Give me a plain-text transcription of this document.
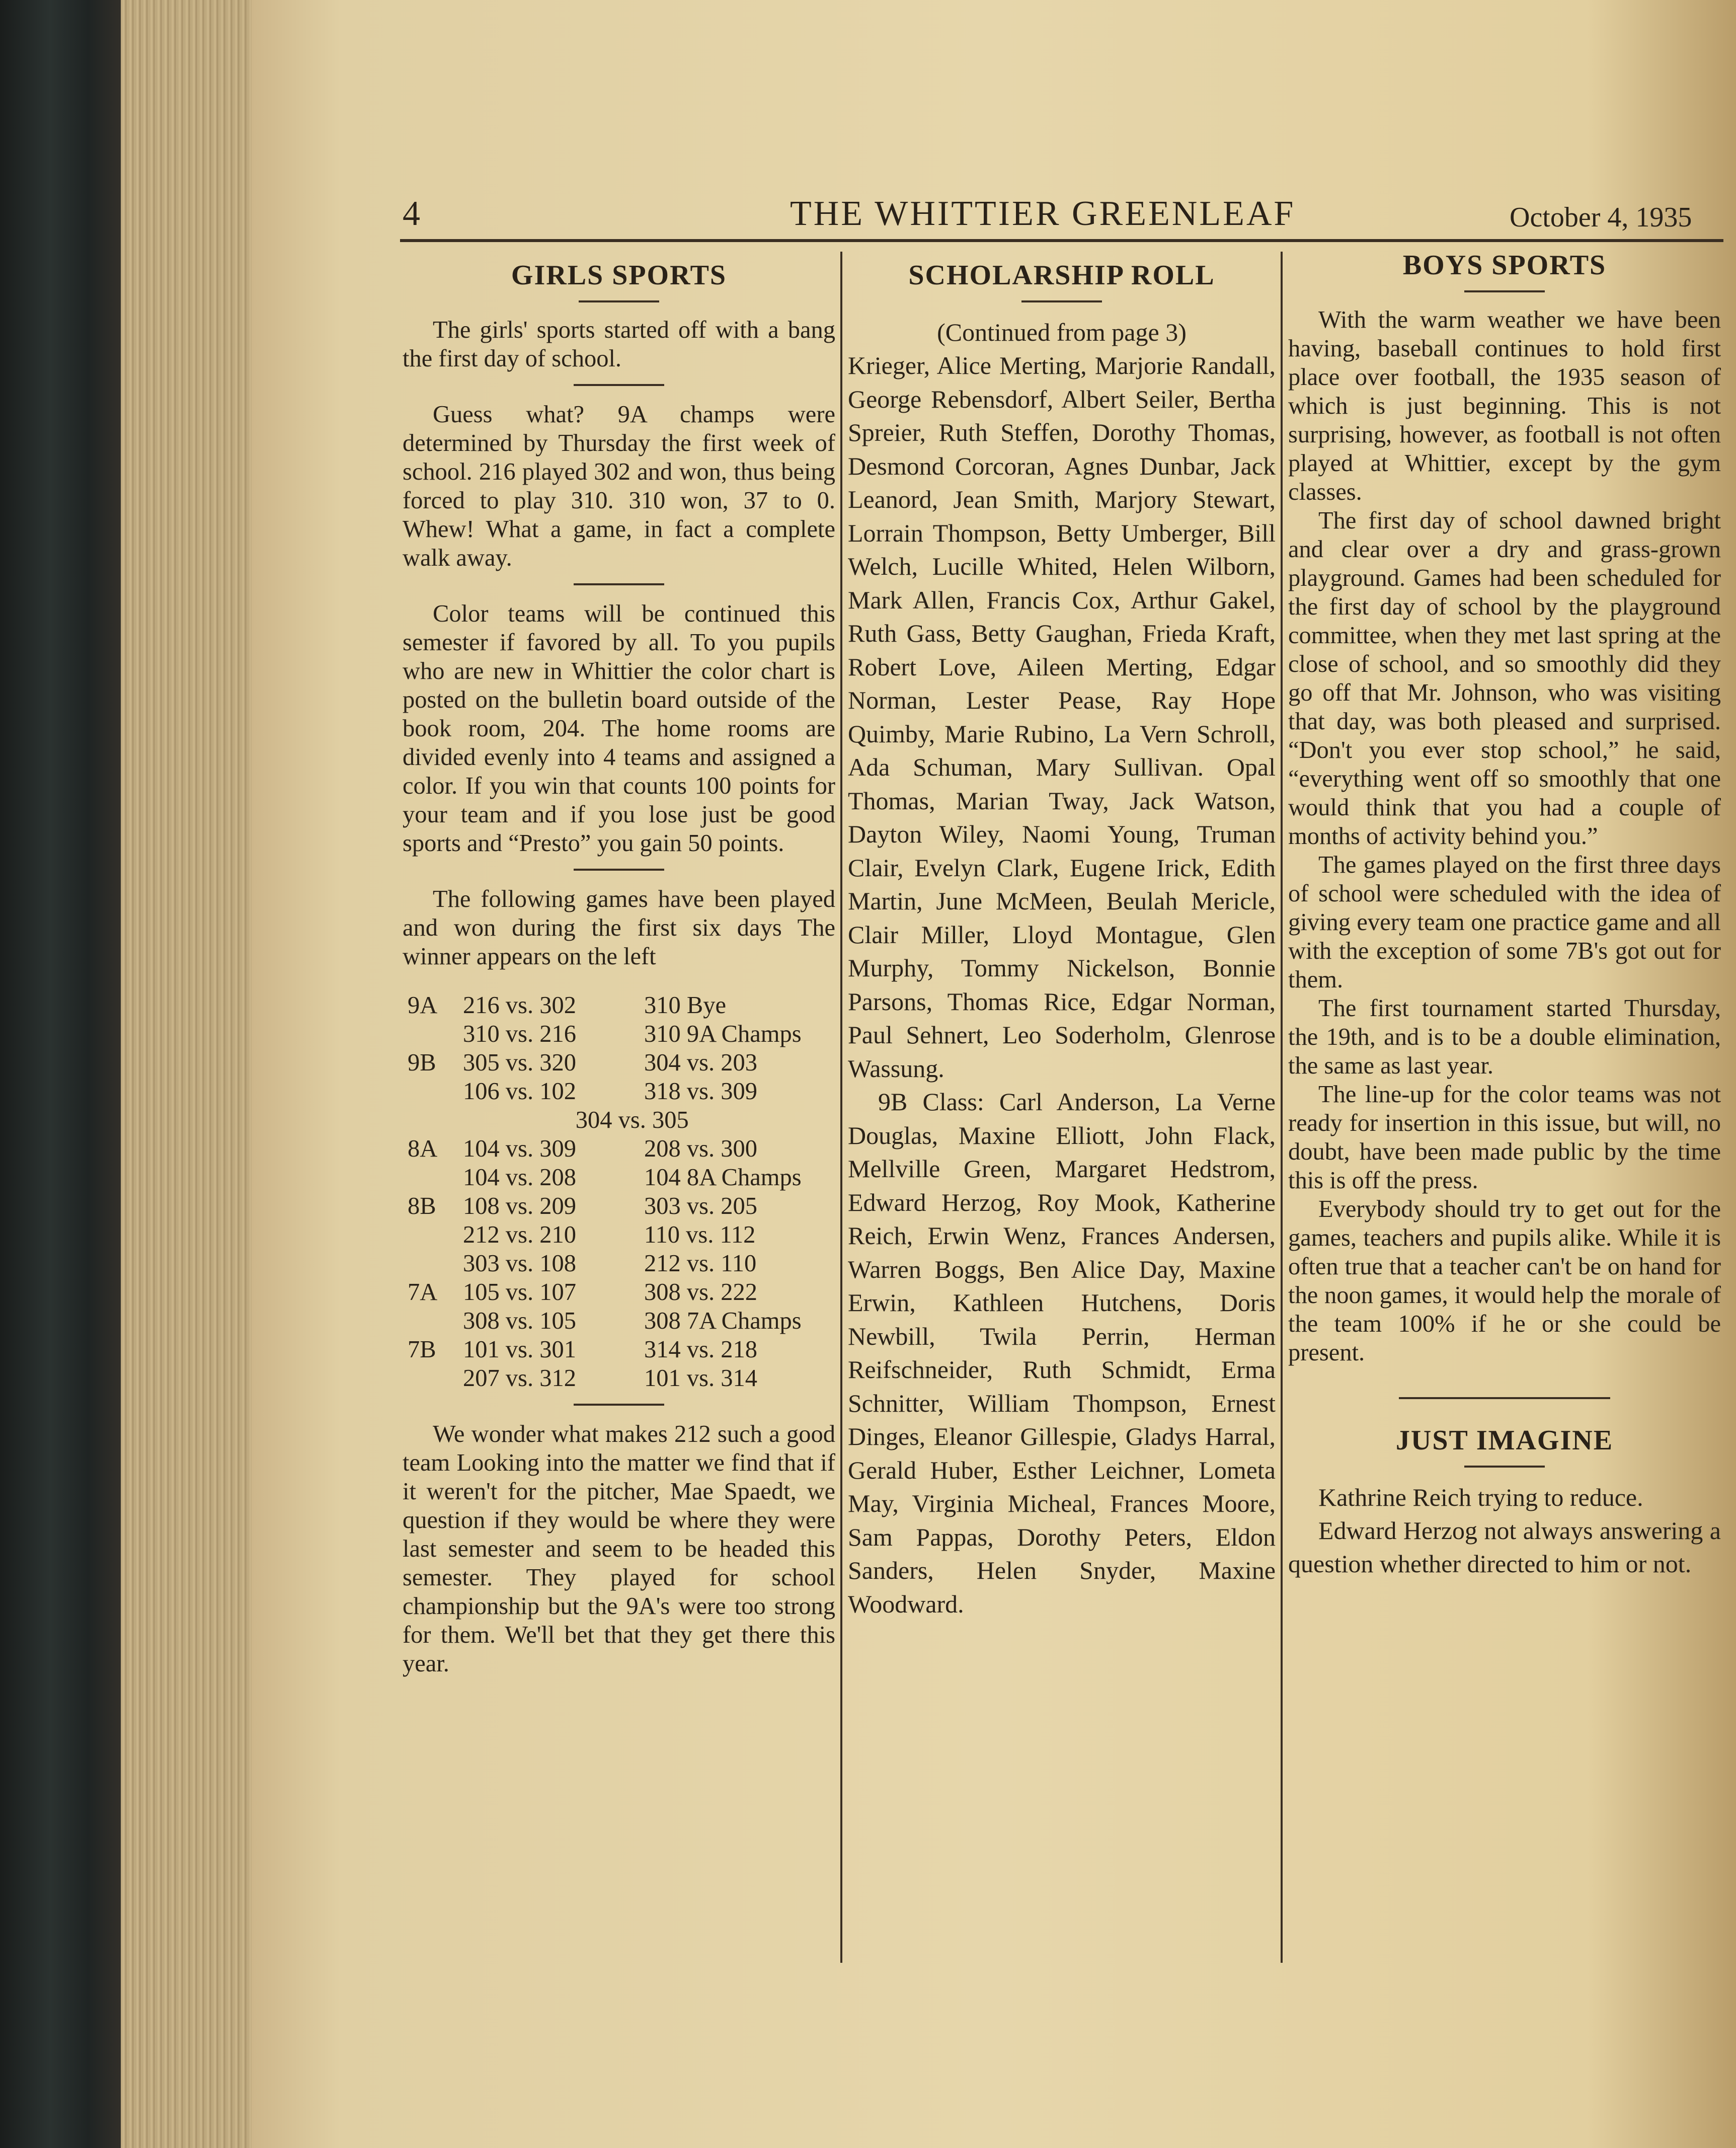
4	THE WHITTIER GREENLEAF	October 4, 1935
GIRLS SPORTS

The girls' sports started off with a bang the first day of school.

Guess what? 9A champs were determined by Thursday the first week of school. 216 played 302 and won, thus being forced to play 310. 310 won, 37 to 0. Whew! What a game, in fact a complete walk away.

Color teams will be continued this semester if favored by all. To you pupils who are new in Whittier the color chart is posted on the bulletin board outside of the book room, 204. The home rooms are divided evenly into 4 teams and assigned a color. If you win that counts 100 points for your team and if you lose just be good sports and “Presto” you gain 50 points.

The following games have been played and won during the first six days The winner appears on the left

9A	216 vs. 302	310 Bye
	310 vs. 216	310 9A Champs
9B	305 vs. 320	304 vs. 203
	106 vs. 102	318 vs. 309
	304 vs. 305	
8A	104 vs. 309	208 vs. 300
	104 vs. 208	104 8A Champs
8B	108 vs. 209	303 vs. 205
	212 vs. 210	110 vs. 112
	303 vs. 108	212 vs. 110
7A	105 vs. 107	308 vs. 222
	308 vs. 105	308 7A Champs
7B	101 vs. 301	314 vs. 218
	207 vs. 312	101 vs. 314

We wonder what makes 212 such a good team Looking into the matter we find that if it weren't for the pitcher, Mae Spaedt, we question if they would be where they were last semester and seem to be headed this semester. They played for school championship but the 9A's were too strong for them. We'll bet that they get there this year.

SCHOLARSHIP ROLL

(Continued from page 3)

Krieger, Alice Merting, Marjorie Randall, George Rebensdorf, Albert Seiler, Bertha Spreier, Ruth Steffen, Dorothy Thomas, Desmond Corcoran, Agnes Dunbar, Jack Leanord, Jean Smith, Marjory Stewart, Lorrain Thompson, Betty Umberger, Bill Welch, Lucille Whited, Helen Wilborn, Mark Allen, Francis Cox, Arthur Gakel, Ruth Gass, Betty Gaughan, Frieda Kraft, Robert Love, Aileen Merting, Edgar Norman, Lester Pease, Ray Hope Quimby, Marie Rubino, La Vern Schroll, Ada Schuman, Mary Sullivan. Opal Thomas, Marian Tway, Jack Watson, Dayton Wiley, Naomi Young, Truman Clair, Evelyn Clark, Eugene Irick, Edith Martin, June McMeen, Beulah Mericle, Clair Miller, Lloyd Montague, Glen Murphy, Tommy Nickelson, Bonnie Parsons, Thomas Rice, Edgar Norman, Paul Sehnert, Leo Soderholm, Glenrose Wassung.

9B Class: Carl Anderson, La Verne Douglas, Maxine Elliott, John Flack, Mellville Green, Margaret Hedstrom, Edward Herzog, Roy Mook, Katherine Reich, Erwin Wenz, Frances Andersen, Warren Boggs, Ben Alice Day, Maxine Erwin, Kathleen Hutchens, Doris Newbill, Twila Perrin, Herman Reifschneider, Ruth Schmidt, Erma Schnitter, William Thompson, Ernest Dinges, Eleanor Gillespie, Gladys Harral, Gerald Huber, Esther Leichner, Lometa May, Virginia Micheal, Frances Moore, Sam Pappas, Dorothy Peters, Eldon Sanders, Helen Snyder, Maxine Woodward.

BOYS SPORTS

With the warm weather we have been having, baseball continues to hold first place over football, the 1935 season of which is just beginning. This is not surprising, however, as football is not often played at Whittier, except by the gym classes.

The first day of school dawned bright and clear over a dry and grass-grown playground. Games had been scheduled for the first day of school by the playground committee, when they met last spring at the close of school, and so smoothly did they go off that Mr. Johnson, who was visiting that day, was both pleased and surprised. “Don't you ever stop school,” he said, “everything went off so smoothly that one would think that you had a couple of months of activity behind you.”

The games played on the first three days of school were scheduled with the idea of giving every team one practice game and all with the exception of some 7B's got out for them.

The first tournament started Thursday, the 19th, and is to be a double elimination, the same as last year.

The line-up for the color teams was not ready for insertion in this issue, but will, no doubt, have been made public by the time this is off the press.

Everybody should try to get out for the games, teachers and pupils alike. While it is often true that a teacher can't be on hand for the noon games, it would help the morale of the team 100% if he or she could be present.

JUST IMAGINE

Kathrine Reich trying to reduce.

Edward Herzog not always answering a question whether directed to him or not.
